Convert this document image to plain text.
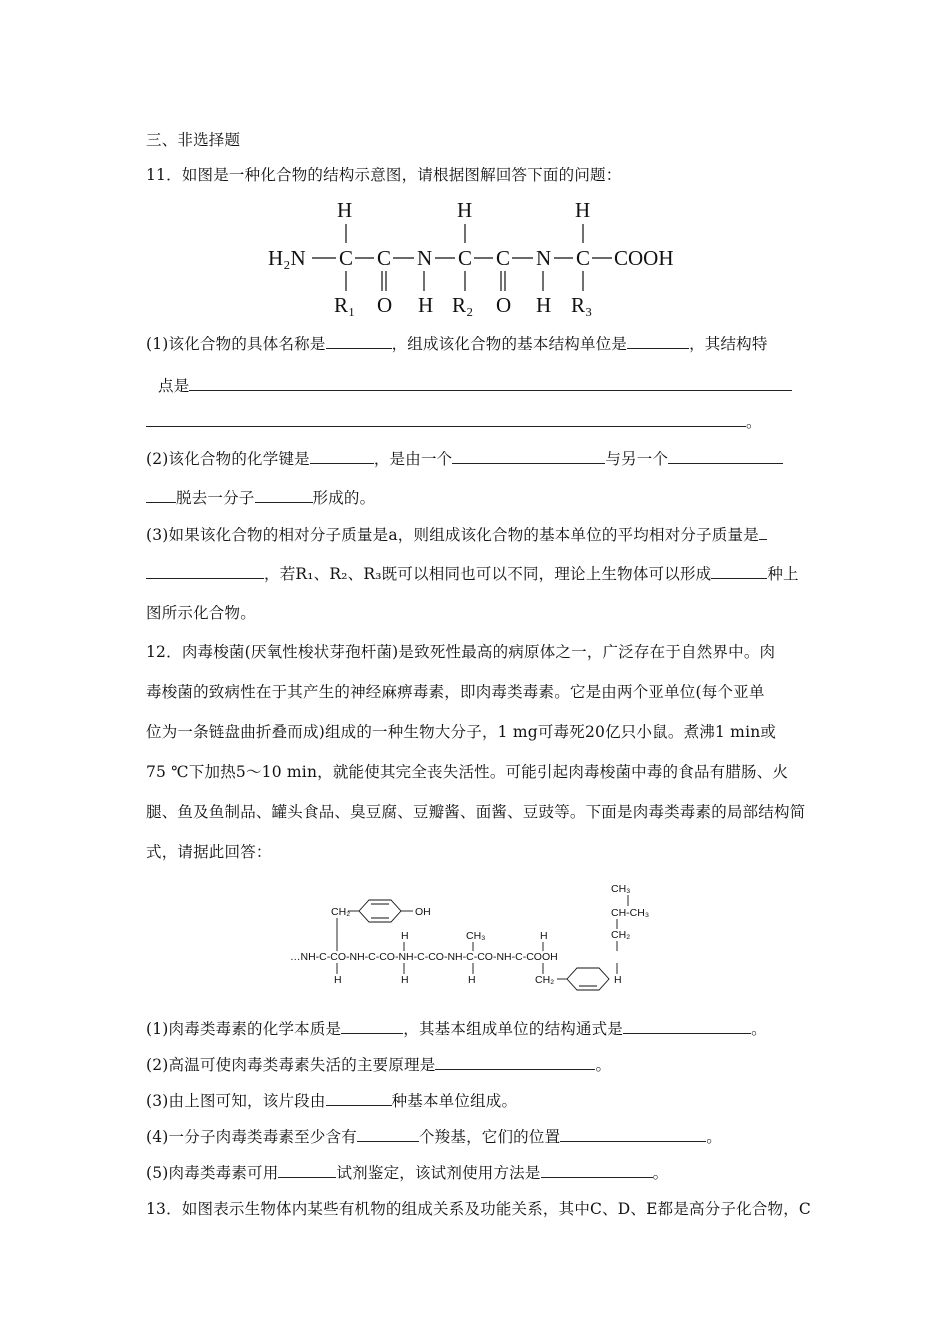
三、非选择题
11．如图是一种化合物的结构示意图，请根据图解回答下面的问题：
H	H	H
H₂N C C N C C N C COOH
R₁ O H R₂ O H R₃
(1)该化合物的具体名称是	，组成该化合物的基本结构单位是	，其结构特
点是
。
(2)该化合物的化学键是	，是由一个	与另一个
脱去一分子	形成的。
(3)如果该化合物的相对分子质量是a，则组成该化合物的基本单位的平均相对分子质量是
，若R₁、R₂、R₃既可以相同也可以不同，理论上生物体可以形成	种上
图所示化合物。
12．肉毒梭菌(厌氧性梭状芽孢杆菌)是致死性最高的病原体之一，广泛存在于自然界中。肉
毒梭菌的致病性在于其产生的神经麻痹毒素，即肉毒类毒素。它是由两个亚单位(每个亚单
位为一条链盘曲折叠而成)组成的一种生物大分子，1 mg可毒死20亿只小鼠。煮沸1 min或
75 ℃下加热5～10 min，就能使其完全丧失活性。可能引起肉毒梭菌中毒的食品有腊肠、火
腿、鱼及鱼制品、罐头食品、臭豆腐、豆瓣酱、面酱、豆豉等。下面是肉毒类毒素的局部结构简
式，请据此回答：
CH₃
CH-CH₃
CH₂
CH₂	OH
H	CH₃	H
…NH-C-CO-NH-C-CO-NH-C-CO-NH-C-CO-NH-C-COOH
H	H	H	CH₂	H
(1)肉毒类毒素的化学本质是	，其基本组成单位的结构通式是	。
(2)高温可使肉毒类毒素失活的主要原理是	。
(3)由上图可知，该片段由	种基本单位组成。
(4)一分子肉毒类毒素至少含有	个羧基，它们的位置	。
(5)肉毒类毒素可用	试剂鉴定，该试剂使用方法是	。
13．如图表示生物体内某些有机物的组成关系及功能关系，其中C、D、E都是高分子化合物，C
